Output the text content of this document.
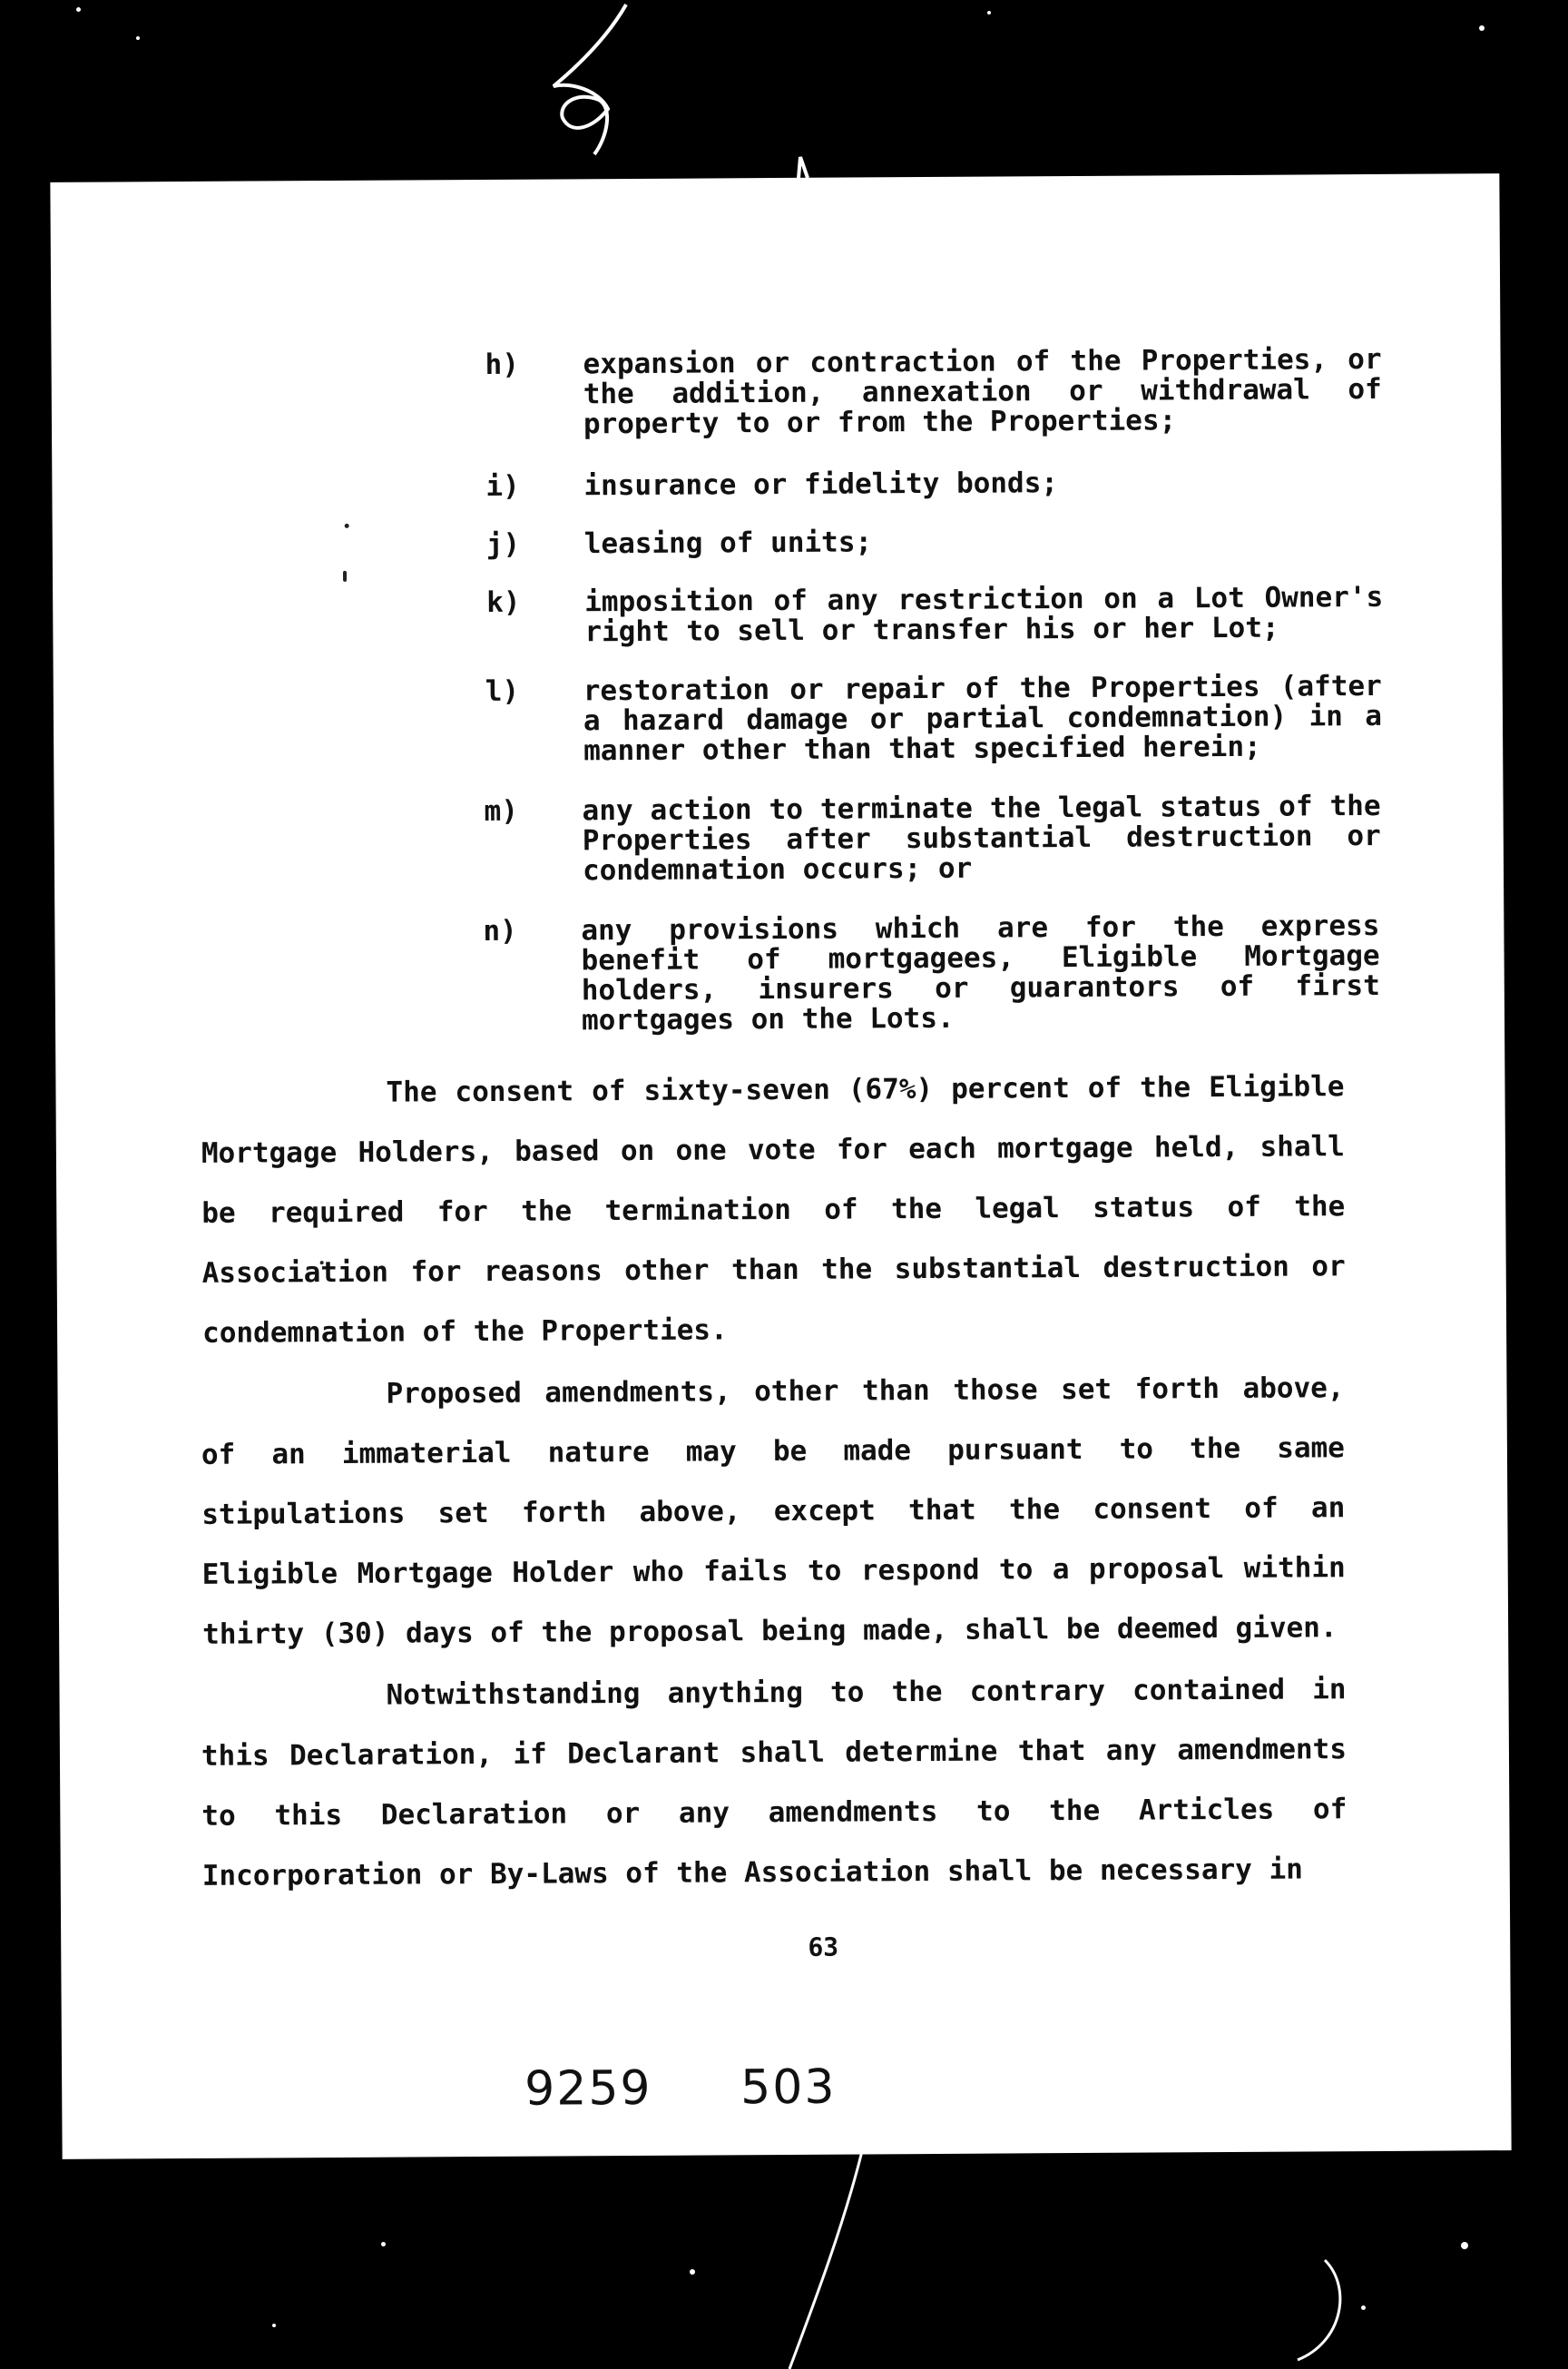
h)	expansion or contraction of the Properties, or the addition, annexation or withdrawal of property to or from the Properties;
i)	insurance or fidelity bonds;
j)	leasing of units;
k)	imposition of any restriction on a Lot Owner's right to sell or transfer his or her Lot;
l)	restoration or repair of the Properties (after a hazard damage or partial condemnation) in a manner other than that specified herein;
m)	any action to terminate the legal status of the Properties after substantial destruction or condemnation occurs; or
n)	any provisions which are for the express benefit of mortgagees, Eligible Mortgage holders, insurers or guarantors of first mortgages on the Lots.
The consent of sixty-seven (67%) percent of the Eligible Mortgage Holders, based on one vote for each mortgage held, shall be required for the termination of the legal status of the Association for reasons other than the substantial destruction or condemnation of the Properties.
Proposed amendments, other than those set forth above, of an immaterial nature may be made pursuant to the same stipulations set forth above, except that the consent of an Eligible Mortgage Holder who fails to respond to a proposal within thirty (30) days of the proposal being made, shall be deemed given.
Notwithstanding anything to the contrary contained in this Declaration, if Declarant shall determine that any amendments to this Declaration or any amendments to the Articles of Incorporation or By-Laws of the Association shall be necessary in
63
9259 503
